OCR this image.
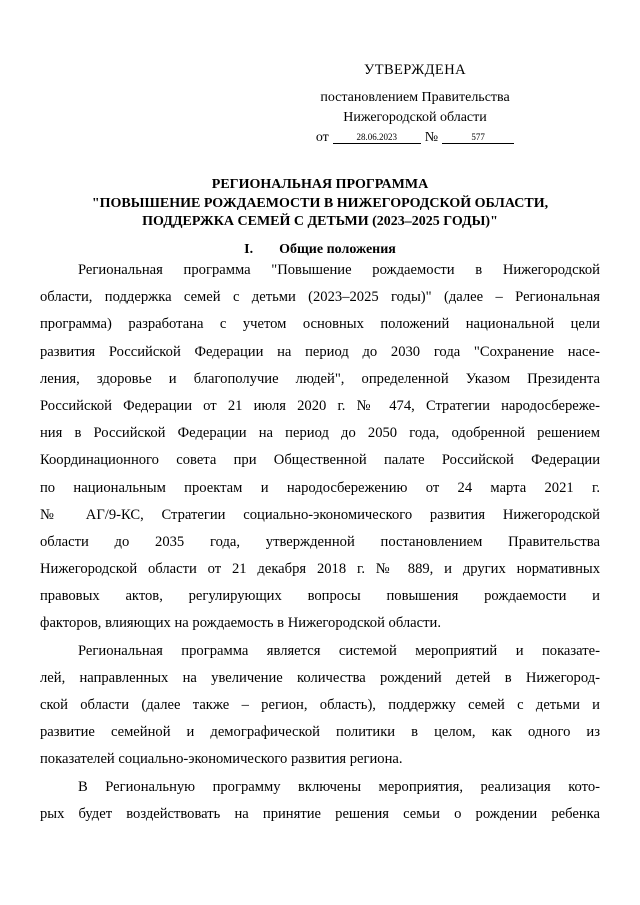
УТВЕРЖДЕНА
постановлением Правительства
Нижегородской области
от	28.06.2023	№	577
РЕГИОНАЛЬНАЯ ПРОГРАММА
"ПОВЫШЕНИЕ РОЖДАЕМОСТИ В НИЖЕГОРОДСКОЙ ОБЛАСТИ,
ПОДДЕРЖКА СЕМЕЙ С ДЕТЬМИ (2023–2025 ГОДЫ)"
I. Общие положения
Региональная программа "Повышение рождаемости в Нижегородской
области, поддержка семей с детьми (2023–2025 годы)" (далее – Региональная
программа) разработана с учетом основных положений национальной цели
развития Российской Федерации на период до 2030 года "Сохранение насе-
ления, здоровье и благополучие людей", определенной Указом Президента
Российской Федерации от 21 июля 2020 г. № 474, Стратегии народосбереже-
ния в Российской Федерации на период до 2050 года, одобренной решением
Координационного совета при Общественной палате Российской Федерации
по национальным проектам и народосбережению от 24 марта 2021 г.
№ АГ/9-КС, Стратегии социально-экономического развития Нижегородской
области до 2035 года, утвержденной постановлением Правительства
Нижегородской области от 21 декабря 2018 г. № 889, и других нормативных
правовых актов, регулирующих вопросы повышения рождаемости и
факторов, влияющих на рождаемость в Нижегородской области.
Региональная программа является системой мероприятий и показате-
лей, направленных на увеличение количества рождений детей в Нижегород-
ской области (далее также – регион, область), поддержку семей с детьми и
развитие семейной и демографической политики в целом, как одного из
показателей социально-экономического развития региона.
В Региональную программу включены мероприятия, реализация кото-
рых будет воздействовать на принятие решения семьи о рождении ребенка
